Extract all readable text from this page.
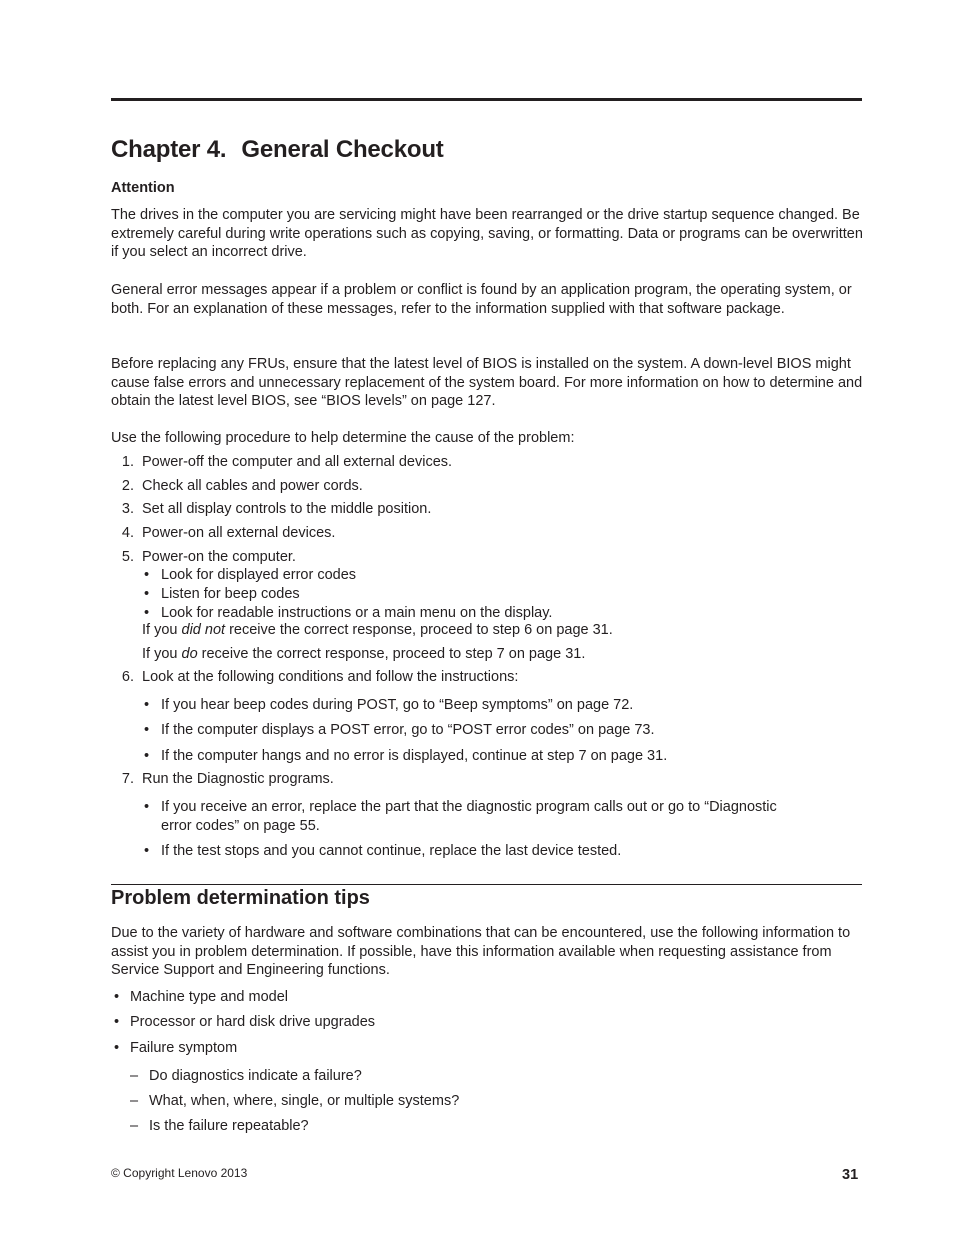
Chapter 4. General Checkout

Attention

The drives in the computer you are servicing might have been rearranged or the drive startup sequence changed. Be extremely careful during write operations such as copying, saving, or formatting. Data or programs can be overwritten if you select an incorrect drive.

General error messages appear if a problem or conflict is found by an application program, the operating system, or both. For an explanation of these messages, refer to the information supplied with that software package.

Before replacing any FRUs, ensure that the latest level of BIOS is installed on the system. A down-level BIOS might cause false errors and unnecessary replacement of the system board. For more information on how to determine and obtain the latest level BIOS, see “BIOS levels” on page 127.

Use the following procedure to help determine the cause of the problem:

1. Power-off the computer and all external devices.

2. Check all cables and power cords.

3. Set all display controls to the middle position.

4. Power-on all external devices.

5. Power-on the computer.

• Look for displayed error codes

• Listen for beep codes

• Look for readable instructions or a main menu on the display.

If you did not receive the correct response, proceed to step 6 on page 31.

If you do receive the correct response, proceed to step 7 on page 31.

6. Look at the following conditions and follow the instructions:

• If you hear beep codes during POST, go to “Beep symptoms” on page 72.

• If the computer displays a POST error, go to “POST error codes” on page 73.

• If the computer hangs and no error is displayed, continue at step 7 on page 31.

7. Run the Diagnostic programs.

• If you receive an error, replace the part that the diagnostic program calls out or go to “Diagnostic

error codes” on page 55.

• If the test stops and you cannot continue, replace the last device tested.

Problem determination tips

Due to the variety of hardware and software combinations that can be encountered, use the following information to assist you in problem determination. If possible, have this information available when requesting assistance from Service Support and Engineering functions.

• Machine type and model

• Processor or hard disk drive upgrades

• Failure symptom

– Do diagnostics indicate a failure?

– What, when, where, single, or multiple systems?

– Is the failure repeatable?

© Copyright Lenovo 2013	31
